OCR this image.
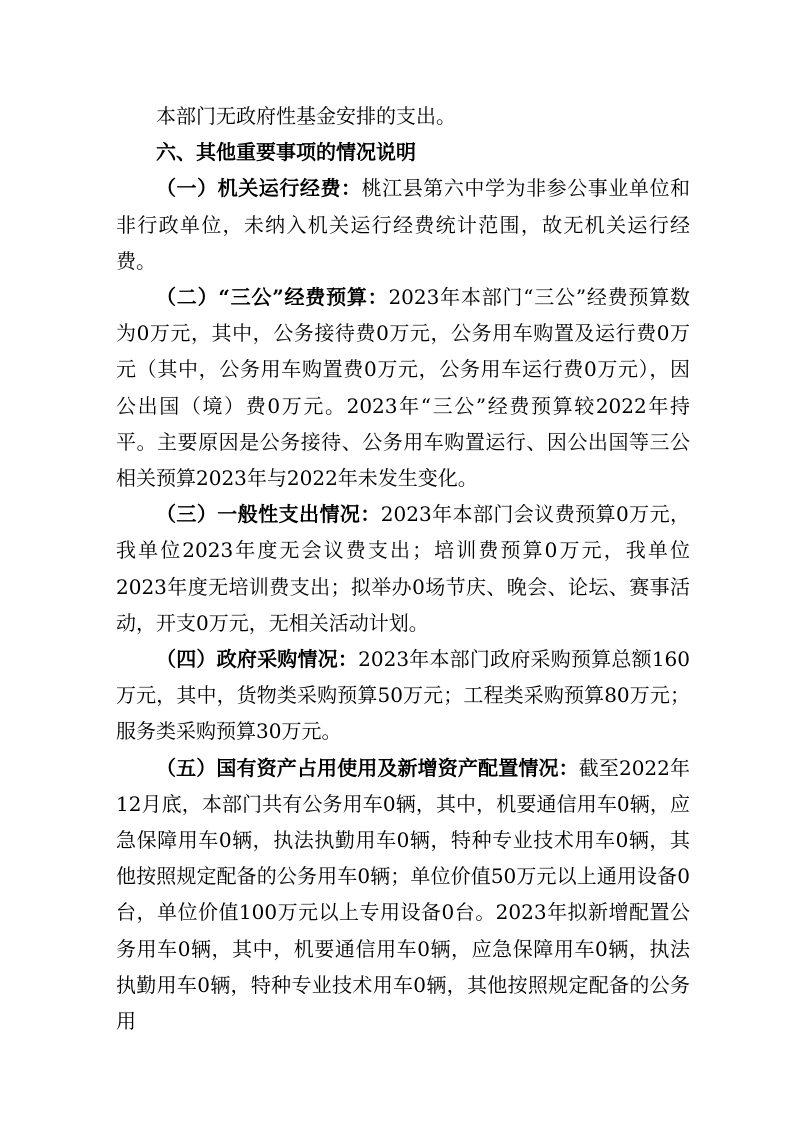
本部门无政府性基金安排的支出。

六、其他重要事项的情况说明

（一）机关运行经费：桃江县第六中学为非参公事业单位和非行政单位，未纳入机关运行经费统计范围，故无机关运行经费。

（二）“三公”经费预算：2023年本部门“三公”经费预算数为0万元，其中，公务接待费0万元，公务用车购置及运行费0万元（其中，公务用车购置费0万元，公务用车运行费0万元），因公出国（境）费0万元。2023年“三公”经费预算较2022年持平。主要原因是公务接待、公务用车购置运行、因公出国等三公相关预算2023年与2022年未发生变化。

（三）一般性支出情况：2023年本部门会议费预算0万元，我单位2023年度无会议费支出；培训费预算0万元，我单位2023年度无培训费支出；拟举办0场节庆、晚会、论坛、赛事活动，开支0万元，无相关活动计划。

（四）政府采购情况：2023年本部门政府采购预算总额160万元，其中，货物类采购预算50万元；工程类采购预算80万元；服务类采购预算30万元。

（五）国有资产占用使用及新增资产配置情况：截至2022年12月底，本部门共有公务用车0辆，其中，机要通信用车0辆，应急保障用车0辆，执法执勤用车0辆，特种专业技术用车0辆，其他按照规定配备的公务用车0辆；单位价值50万元以上通用设备0台，单位价值100万元以上专用设备0台。2023年拟新增配置公务用车0辆，其中，机要通信用车0辆，应急保障用车0辆，执法执勤用车0辆，特种专业技术用车0辆，其他按照规定配备的公务用
